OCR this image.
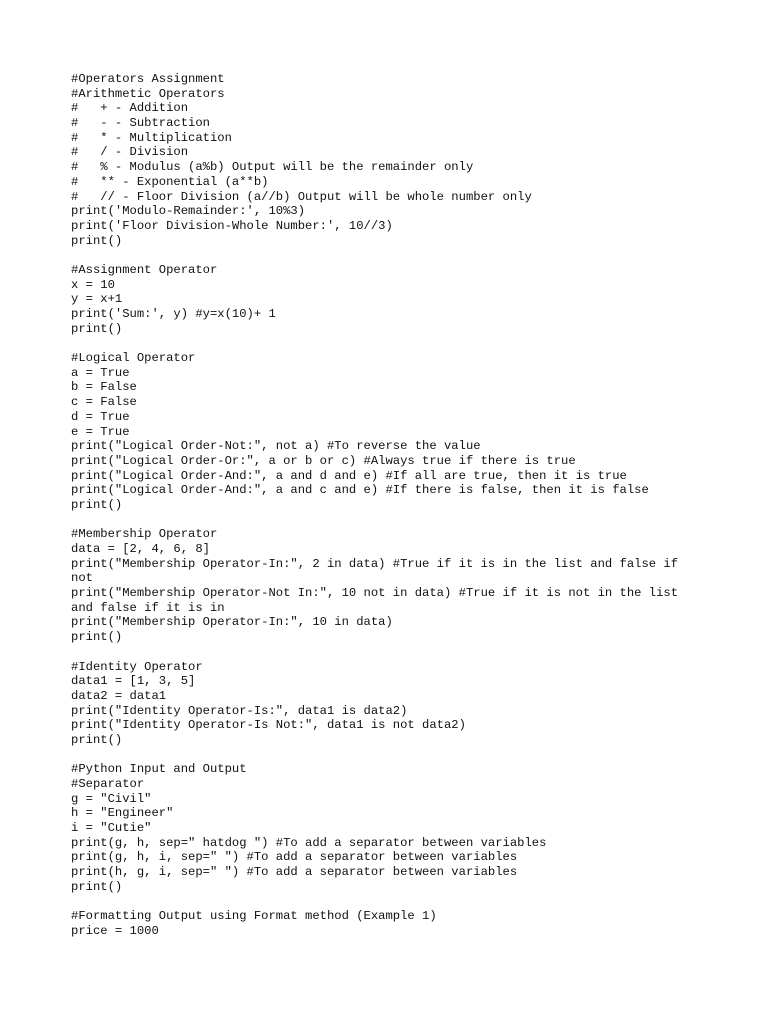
#Operators Assignment
#Arithmetic Operators
#   + - Addition
#   - - Subtraction
#   * - Multiplication
#   / - Division
#   % - Modulus (a%b) Output will be the remainder only
#   ** - Exponential (a**b)
#   // - Floor Division (a//b) Output will be whole number only
print('Modulo-Remainder:', 10%3)
print('Floor Division-Whole Number:', 10//3)
print()

#Assignment Operator
x = 10
y = x+1
print('Sum:', y) #y=x(10)+ 1
print()

#Logical Operator
a = True
b = False
c = False
d = True
e = True
print("Logical Order-Not:", not a) #To reverse the value
print("Logical Order-Or:", a or b or c) #Always true if there is true
print("Logical Order-And:", a and d and e) #If all are true, then it is true
print("Logical Order-And:", a and c and e) #If there is false, then it is false
print()

#Membership Operator
data = [2, 4, 6, 8]
print("Membership Operator-In:", 2 in data) #True if it is in the list and false if
not
print("Membership Operator-Not In:", 10 not in data) #True if it is not in the list
and false if it is in
print("Membership Operator-In:", 10 in data)
print()

#Identity Operator
data1 = [1, 3, 5]
data2 = data1
print("Identity Operator-Is:", data1 is data2)
print("Identity Operator-Is Not:", data1 is not data2)
print()

#Python Input and Output
#Separator
g = "Civil"
h = "Engineer"
i = "Cutie"
print(g, h, sep=" hatdog ") #To add a separator between variables
print(g, h, i, sep=" ") #To add a separator between variables
print(h, g, i, sep=" ") #To add a separator between variables
print()

#Formatting Output using Format method (Example 1)
price = 1000
